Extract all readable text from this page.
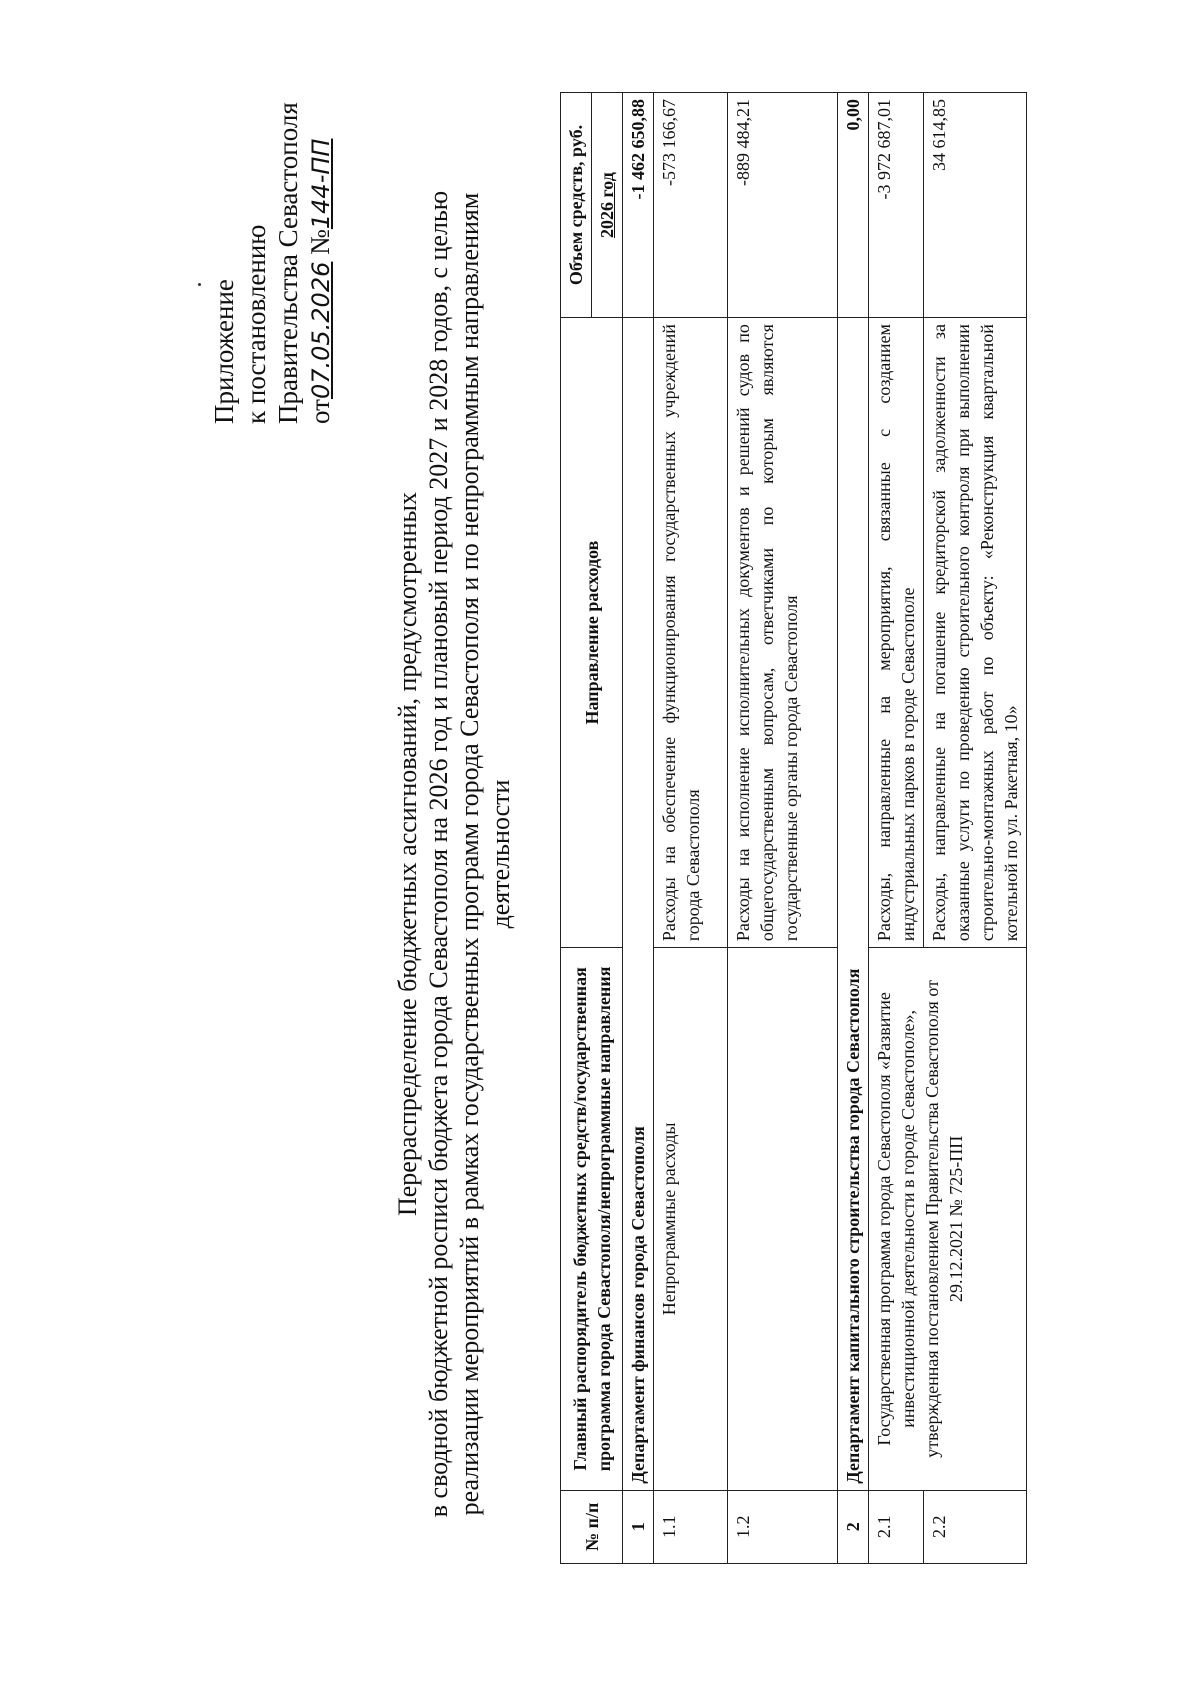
Приложение к постановлению Правительства Севастополя от07.05.2026 №144-ПП
Перераспределение бюджетных ассигнований, предусмотренных в сводной бюджетной росписи бюджета города Севастополя на 2026 год и плановый период 2027 и 2028 годов, с целью реализации мероприятий в рамках государственных программ города Севастополя и по непрограммным направлениям деятельности
№ п/п	Главный распорядитель бюджетных средств/государственная программа города Севастополя/непрограммные направления	Направление расходов	Объем средств, руб.
			2026 год
1	Департамент финансов города Севастополя		-1 462 650,88
1.1	Непрограммные расходы	Расходы на обеспечение функционирования государственных учреждений города Севастополя	-573 166,67
1.2		Расходы на исполнение исполнительных документов и решений судов по общегосударственным вопросам, ответчиками по которым являются государственные органы города Севастополя	-889 484,21
2	Департамент капитального строительства города Севастополя		0,00
2.1	Государственная программа города Севастополя «Развитие инвестиционной деятельности в городе Севастополе», утвержденная постановлением Правительства Севастополя от 29.12.2021 № 725-ПП	Расходы, направленные на мероприятия, связанные с созданием индустриальных парков в городе Севастополе	-3 972 687,01
2.2		Расходы, направленные на погашение кредиторской задолженности за оказанные услуги по проведению строительного контроля при выполнении строительно-монтажных работ по объекту: «Реконструкция квартальной котельной по ул. Ракетная, 10»	34 614,85
